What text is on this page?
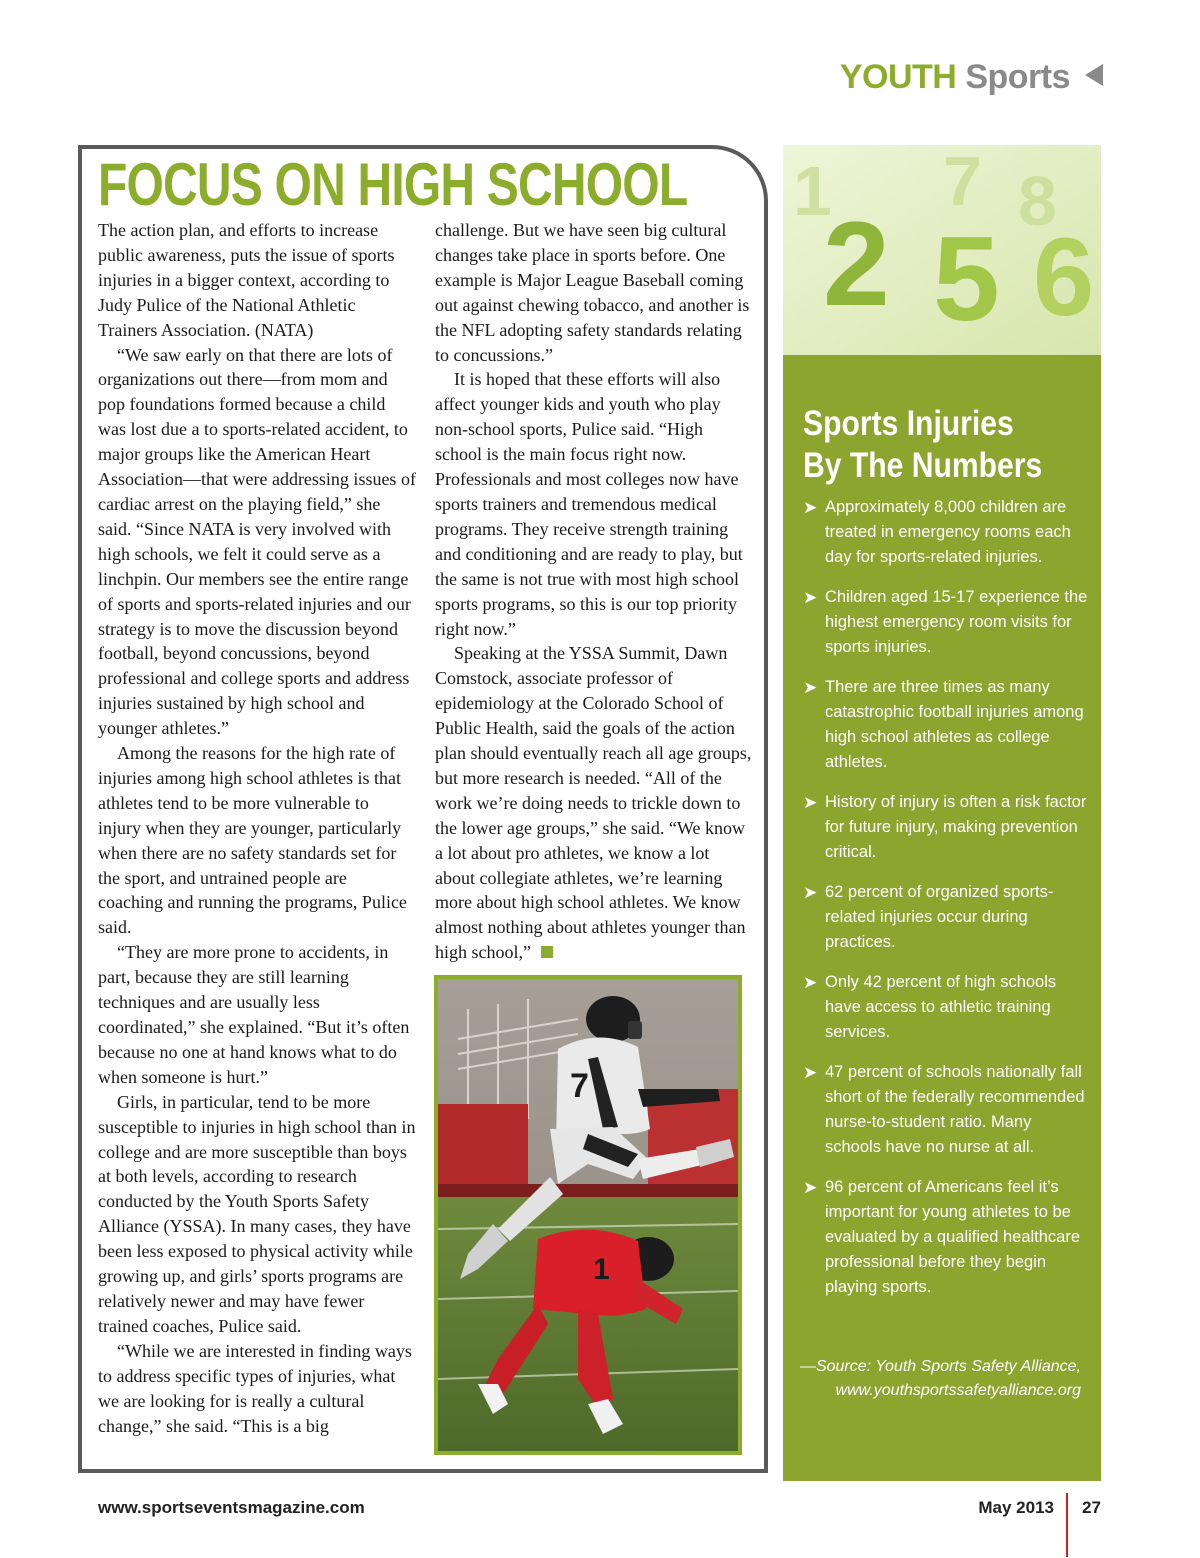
YOUTH Sports
FOCUS ON HIGH SCHOOL

The action plan, and efforts to increase public awareness, puts the issue of sports injuries in a bigger context, according to Judy Pulice of the National Athletic Trainers Association. (NATA)

“We saw early on that there are lots of organizations out there—from mom and pop foundations formed because a child was lost due a to sports-related accident, to major groups like the American Heart Association—that were addressing issues of cardiac arrest on the playing field,” she said. “Since NATA is very involved with high schools, we felt it could serve as a linchpin. Our members see the entire range of sports and sports-related injuries and our strategy is to move the discussion beyond football, beyond concussions, beyond professional and college sports and address injuries sustained by high school and younger athletes.”

Among the reasons for the high rate of injuries among high school athletes is that athletes tend to be more vulnerable to injury when they are younger, particularly when there are no safety standards set for the sport, and untrained people are coaching and running the programs, Pulice said.

“They are more prone to accidents, in part, because they are still learning techniques and are usually less coordinated,” she explained. “But it’s often because no one at hand knows what to do when someone is hurt.”

Girls, in particular, tend to be more susceptible to injuries in high school than in college and are more susceptible than boys at both levels, according to research conducted by the Youth Sports Safety Alliance (YSSA). In many cases, they have been less exposed to physical activity while growing up, and girls’ sports programs are relatively newer and may have fewer trained coaches, Pulice said.

“While we are interested in finding ways to address specific types of injuries, what we are looking for is really a cultural change,” she said. “This is a big

challenge. But we have seen big cultural changes take place in sports before. One example is Major League Baseball coming out against chewing tobacco, and another is the NFL adopting safety standards relating to concussions.”

It is hoped that these efforts will also affect younger kids and youth who play non-school sports, Pulice said. “High school is the main focus right now. Professionals and most colleges now have sports trainers and tremendous medical programs. They receive strength training and conditioning and are ready to play, but the same is not true with most high school sports programs, so this is our top priority right now.”

Speaking at the YSSA Summit, Dawn Comstock, associate professor of epidemiology at the Colorado School of Public Health, said the goals of the action plan should eventually reach all age groups, but more research is needed. “All of the work we’re doing needs to trickle down to the lower age groups,” she said. “We know a lot about pro athletes, we know a lot about collegiate athletes, we’re learning more about high school athletes. We know almost nothing about athletes younger than high school,”

7
1
1 7 8
2 5 6
Sports Injuries
By The Numbers
➤ Approximately 8,000 children are treated in emergency rooms each day for sports-related injuries.
➤ Children aged 15-17 experience the highest emergency room visits for sports injuries.
➤ There are three times as many catastrophic football injuries among high school athletes as college athletes.
➤ History of injury is often a risk factor for future injury, making prevention critical.
➤ 62 percent of organized sports-related injuries occur during practices.
➤ Only 42 percent of high schools have access to athletic training services.
➤ 47 percent of schools nationally fall short of the federally recommended nurse-to-student ratio. Many schools have no nurse at all.
➤ 96 percent of Americans feel it’s important for young athletes to be evaluated by a qualified healthcare professional before they begin playing sports.
—Source: Youth Sports Safety Alliance,
www.youthsportssafetyalliance.org
www.sportseventsmagazine.com	May 2013 27
